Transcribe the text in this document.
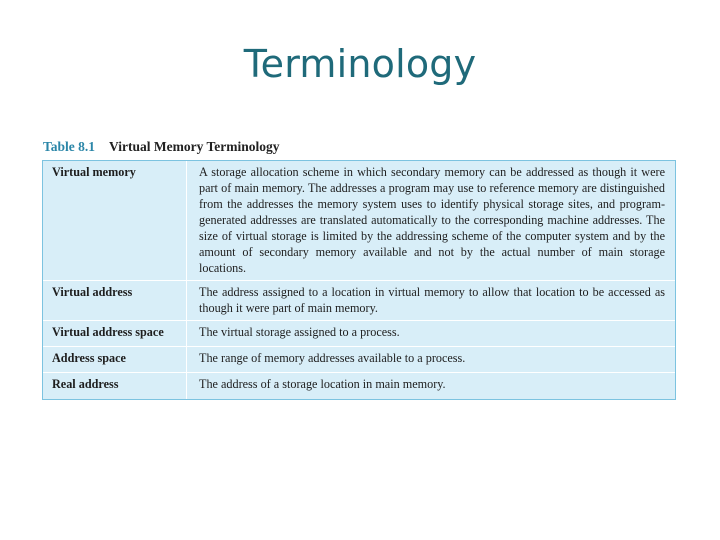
Terminology
Table 8.1 Virtual Memory Terminology
Virtual memory	A storage allocation scheme in which secondary memory can be addressed as though it were part of main memory. The addresses a program may use to reference memory are distinguished from the addresses the memory system uses to identify physical storage sites, and program-generated addresses are translated automatically to the corresponding machine addresses. The size of virtual storage is limited by the addressing scheme of the computer system and by the amount of secondary memory available and not by the actual number of main storage locations.
Virtual address	The address assigned to a location in virtual memory to allow that location to be accessed as though it were part of main memory.
Virtual address space	The virtual storage assigned to a process.
Address space	The range of memory addresses available to a process.
Real address	The address of a storage location in main memory.
